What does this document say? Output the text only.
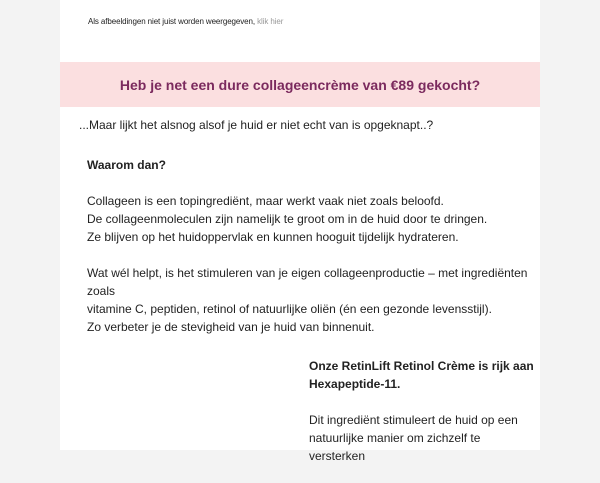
Als afbeeldingen niet juist worden weergegeven, klik hier
Heb je net een dure collageencrème van €89 gekocht?
...Maar lijkt het alsnog alsof je huid er niet echt van is opgeknapt..?

Waarom dan?

Collageen is een topingrediënt, maar werkt vaak niet zoals beloofd.
De collageenmoleculen zijn namelijk te groot om in de huid door te dringen.
Ze blijven op het huidoppervlak en kunnen hooguit tijdelijk hydrateren.

Wat wél helpt, is het stimuleren van je eigen collageenproductie – met ingrediënten zoals
vitamine C, peptiden, retinol of natuurlijke oliën (én een gezonde levensstijl).
Zo verbeter je de stevigheid van je huid van binnenuit.

Onze RetinLift Retinol Crème is rijk aan Hexapeptide-11.

Dit ingrediënt stimuleert de huid op een natuurlijke manier om zichzelf te versterken
